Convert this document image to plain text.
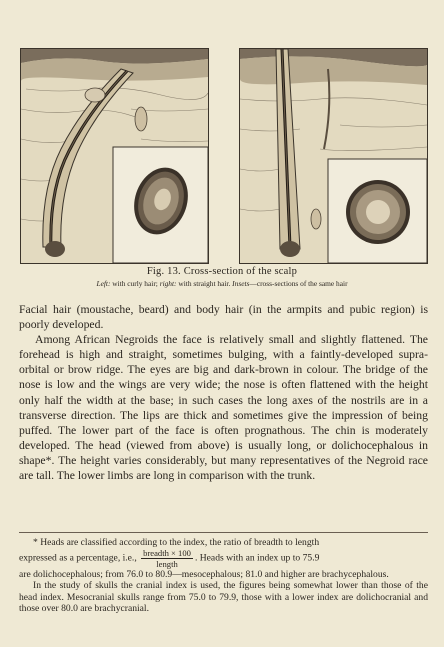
Fig. 13. Cross-section of the scalp
Left: with curly hair; right: with straight hair. Insets—cross-sections of the same hair

Facial hair (moustache, beard) and body hair (in the armpits and pubic region) is poorly developed.

Among African Negroids the face is relatively small and slightly flattened. The forehead is high and straight, sometimes bulging, with a faintly-developed supra-orbital or brow ridge. The eyes are big and dark-brown in colour. The bridge of the nose is low and the wings are very wide; the nose is often flattened with the height only half the width at the base; in such cases the long axes of the nostrils are in a transverse direction. The lips are thick and sometimes give the impression of being puffed. The lower part of the face is often prognathous. The chin is moderately developed. The head (viewed from above) is usually long, or dolichocephalous in shape*. The height varies considerably, but many representatives of the Negroid race are tall. The lower limbs are long in comparison with the trunk.

* Heads are classified according to the index, the ratio of breadth to length

expressed as a percentage, i.e., $\frac{\text{breadth × 100}}{\text{length}}$ . Heads with an index up to 75.9

are dolichocephalous; from 76.0 to 80.9—mesocephalous; 81.0 and higher are brachycephalous.

In the study of skulls the cranial index is used, the figures being somewhat lower than those of the head index. Mesocranial skulls range from 75.0 to 79.9, those with a lower index are dolichocranial and those over 80.0 are brachycranial.
